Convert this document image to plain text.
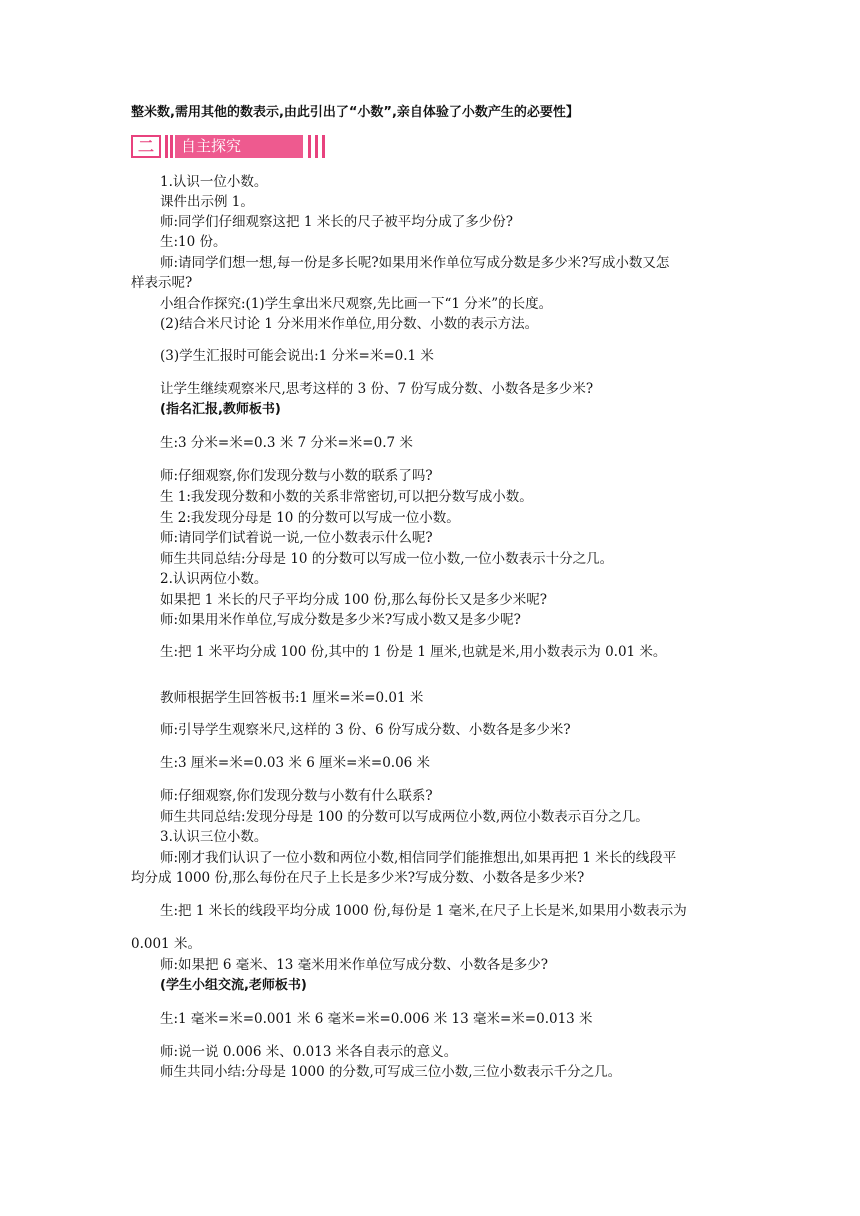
整米数,需用其他的数表示,由此引出了“小数”,亲自体验了小数产生的必要性】
二	自主探究
1.认识一位小数。
课件出示例 1。
师:同学们仔细观察这把 1 米长的尺子被平均分成了多少份?
生:10 份。
师:请同学们想一想,每一份是多长呢?如果用米作单位写成分数是多少米?写成小数又怎
样表示呢?
小组合作探究:(1)学生拿出米尺观察,先比画一下“1 分米”的长度。
(2)结合米尺讨论 1 分米用米作单位,用分数、小数的表示方法。
(3)学生汇报时可能会说出:1 分米=米=0.1 米
让学生继续观察米尺,思考这样的 3 份、7 份写成分数、小数各是多少米?
(指名汇报,教师板书)
生:3 分米=米=0.3 米 7 分米=米=0.7 米
师:仔细观察,你们发现分数与小数的联系了吗?
生 1:我发现分数和小数的关系非常密切,可以把分数写成小数。
生 2:我发现分母是 10 的分数可以写成一位小数。
师:请同学们试着说一说,一位小数表示什么呢?
师生共同总结:分母是 10 的分数可以写成一位小数,一位小数表示十分之几。
2.认识两位小数。
如果把 1 米长的尺子平均分成 100 份,那么每份长又是多少米呢?
师:如果用米作单位,写成分数是多少米?写成小数又是多少呢?
生:把 1 米平均分成 100 份,其中的 1 份是 1 厘米,也就是米,用小数表示为 0.01 米。
教师根据学生回答板书:1 厘米=米=0.01 米
师:引导学生观察米尺,这样的 3 份、6 份写成分数、小数各是多少米?
生:3 厘米=米=0.03 米 6 厘米=米=0.06 米
师:仔细观察,你们发现分数与小数有什么联系?
师生共同总结:发现分母是 100 的分数可以写成两位小数,两位小数表示百分之几。
3.认识三位小数。
师:刚才我们认识了一位小数和两位小数,相信同学们能推想出,如果再把 1 米长的线段平
均分成 1000 份,那么每份在尺子上长是多少米?写成分数、小数各是多少米?
生:把 1 米长的线段平均分成 1000 份,每份是 1 毫米,在尺子上长是米,如果用小数表示为
0.001 米。
师:如果把 6 毫米、13 毫米用米作单位写成分数、小数各是多少?
(学生小组交流,老师板书)
生:1 毫米=米=0.001 米 6 毫米=米=0.006 米 13 毫米=米=0.013 米
师:说一说 0.006 米、0.013 米各自表示的意义。
师生共同小结:分母是 1000 的分数,可写成三位小数,三位小数表示千分之几。
